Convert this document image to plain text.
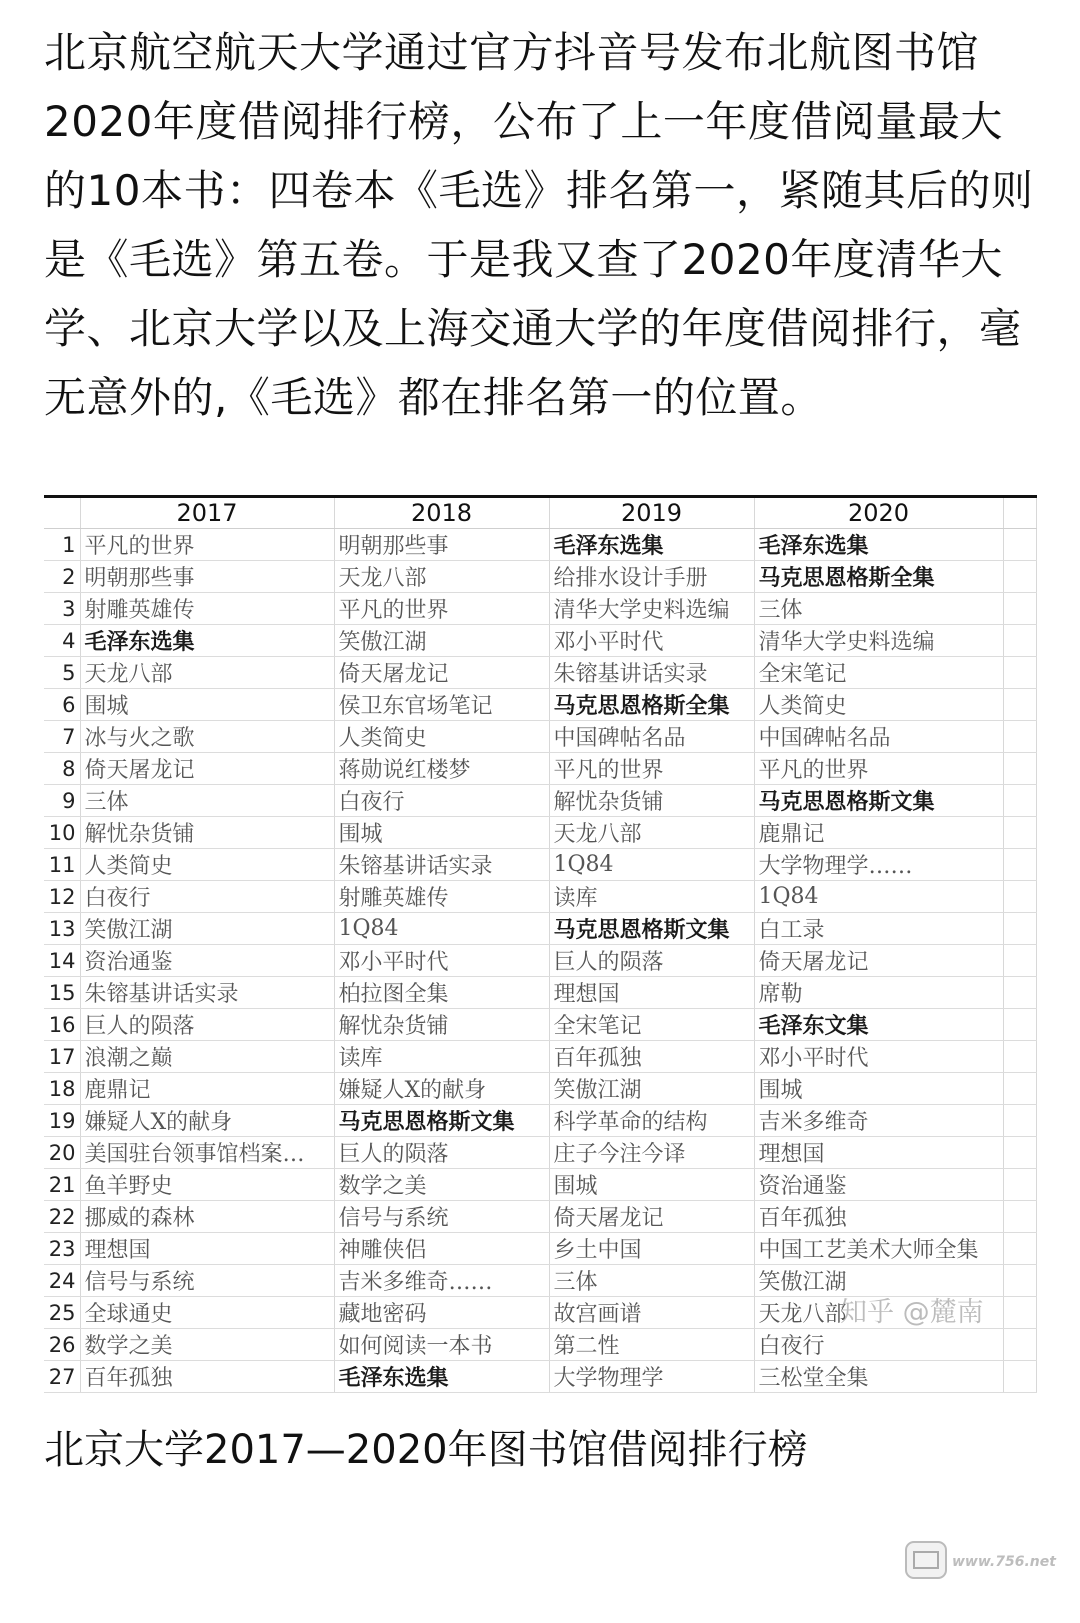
北京航空航天大学通过官方抖音号发布北航图书馆2020年度借阅排行榜，公布了上一年度借阅量最大的10本书：四卷本《毛选》排名第一，紧随其后的则是《毛选》第五卷。于是我又查了2020年度清华大学、北京大学以及上海交通大学的年度借阅排行，毫无意外的,《毛选》都在排名第一的位置。
	2017	2018	2019	2020	
1	平凡的世界	明朝那些事	毛泽东选集	毛泽东选集	
2	明朝那些事	天龙八部	给排水设计手册	马克思恩格斯全集	
3	射雕英雄传	平凡的世界	清华大学史料选编	三体	
4	毛泽东选集	笑傲江湖	邓小平时代	清华大学史料选编	
5	天龙八部	倚天屠龙记	朱镕基讲话实录	全宋笔记	
6	围城	侯卫东官场笔记	马克思恩格斯全集	人类简史	
7	冰与火之歌	人类简史	中国碑帖名品	中国碑帖名品	
8	倚天屠龙记	蒋勋说红楼梦	平凡的世界	平凡的世界	
9	三体	白夜行	解忧杂货铺	马克思恩格斯文集	
10	解忧杂货铺	围城	天龙八部	鹿鼎记	
11	人类简史	朱镕基讲话实录	1Q84	大学物理学……	
12	白夜行	射雕英雄传	读库	1Q84	
13	笑傲江湖	1Q84	马克思恩格斯文集	白工录	
14	资治通鉴	邓小平时代	巨人的陨落	倚天屠龙记	
15	朱镕基讲话实录	柏拉图全集	理想国	席勒	
16	巨人的陨落	解忧杂货铺	全宋笔记	毛泽东文集	
17	浪潮之巅	读库	百年孤独	邓小平时代	
18	鹿鼎记	嫌疑人X的献身	笑傲江湖	围城	
19	嫌疑人X的献身	马克思恩格斯文集	科学革命的结构	吉米多维奇	
20	美国驻台领事馆档案…	巨人的陨落	庄子今注今译	理想国	
21	鱼羊野史	数学之美	围城	资治通鉴	
22	挪威的森林	信号与系统	倚天屠龙记	百年孤独	
23	理想国	神雕侠侣	乡土中国	中国工艺美术大师全集	
24	信号与系统	吉米多维奇……	三体	笑傲江湖	
25	全球通史	藏地密码	故宫画谱	天龙八部	
26	数学之美	如何阅读一本书	第二性	白夜行	
27	百年孤独	毛泽东选集	大学物理学	三松堂全集	
知乎 @麓南
北京大学2017—2020年图书馆借阅排行榜
www.756.net
